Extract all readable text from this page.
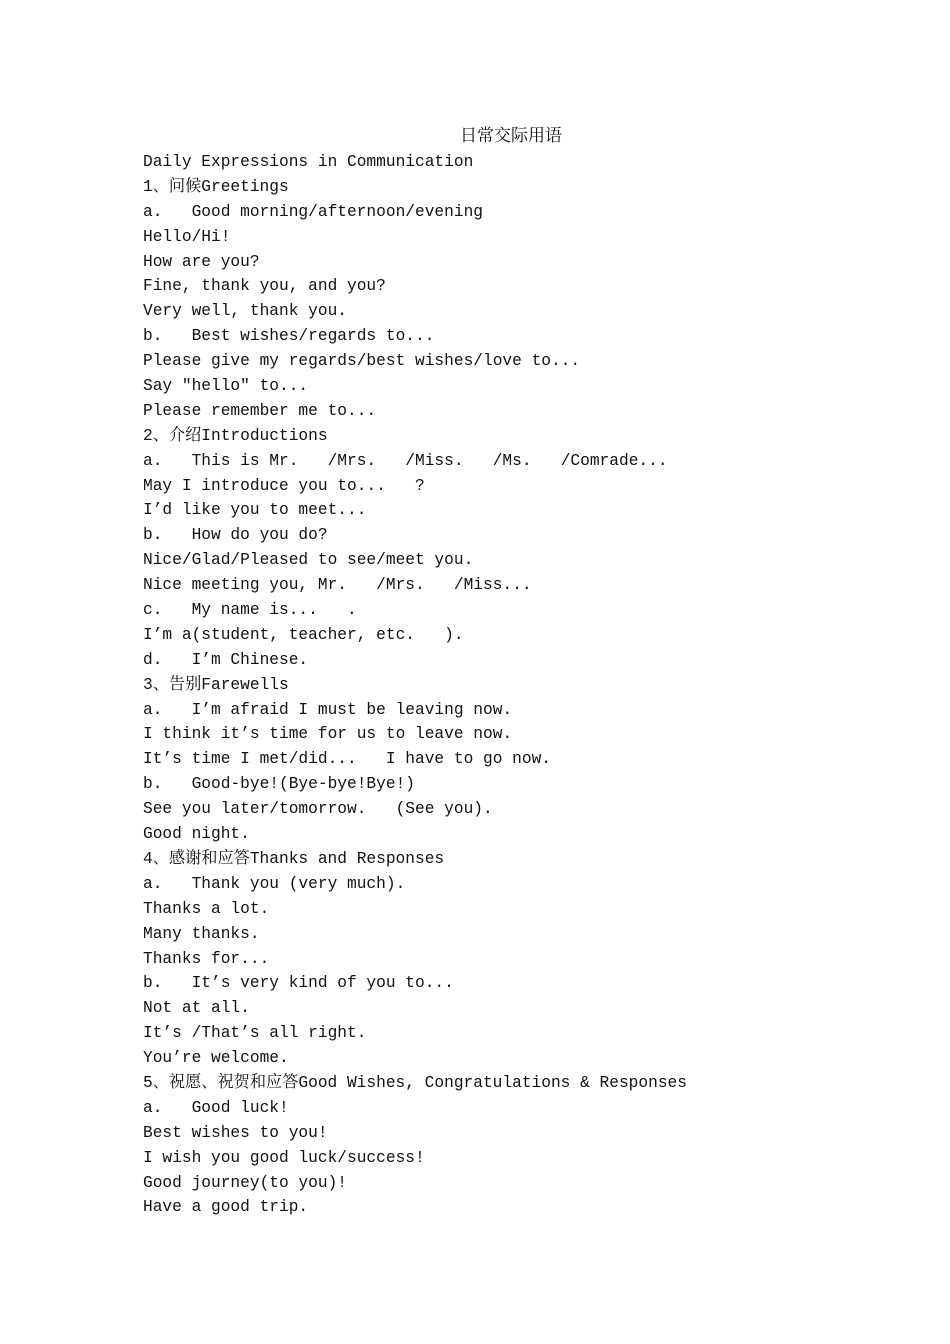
日常交际用语
Daily Expressions in Communication
1、问候Greetings
a.   Good morning/afternoon/evening
Hello/Hi!
How are you?
Fine, thank you, and you?
Very well, thank you.
b.   Best wishes/regards to...
Please give my regards/best wishes/love to...
Say "hello" to...
Please remember me to...
2、介绍Introductions
a.   This is Mr.   /Mrs.   /Miss.   /Ms.   /Comrade...
May I introduce you to...   ?
I’d like you to meet...
b.   How do you do?
Nice/Glad/Pleased to see/meet you.
Nice meeting you, Mr.   /Mrs.   /Miss...
c.   My name is...   .
I’m a(student, teacher, etc.   ).
d.   I’m Chinese.
3、告别Farewells
a.   I’m afraid I must be leaving now.
I think it’s time for us to leave now.
It’s time I met/did...   I have to go now.
b.   Good-bye!(Bye-bye!Bye!)
See you later/tomorrow.   (See you).
Good night.
4、感谢和应答Thanks and Responses
a.   Thank you (very much).
Thanks a lot.
Many thanks.
Thanks for...
b.   It’s very kind of you to...
Not at all.
It’s /That’s all right.
You’re welcome.
5、祝愿、祝贺和应答Good Wishes, Congratulations & Responses
a.   Good luck!
Best wishes to you!
I wish you good luck/success!
Good journey(to you)!
Have a good trip.
